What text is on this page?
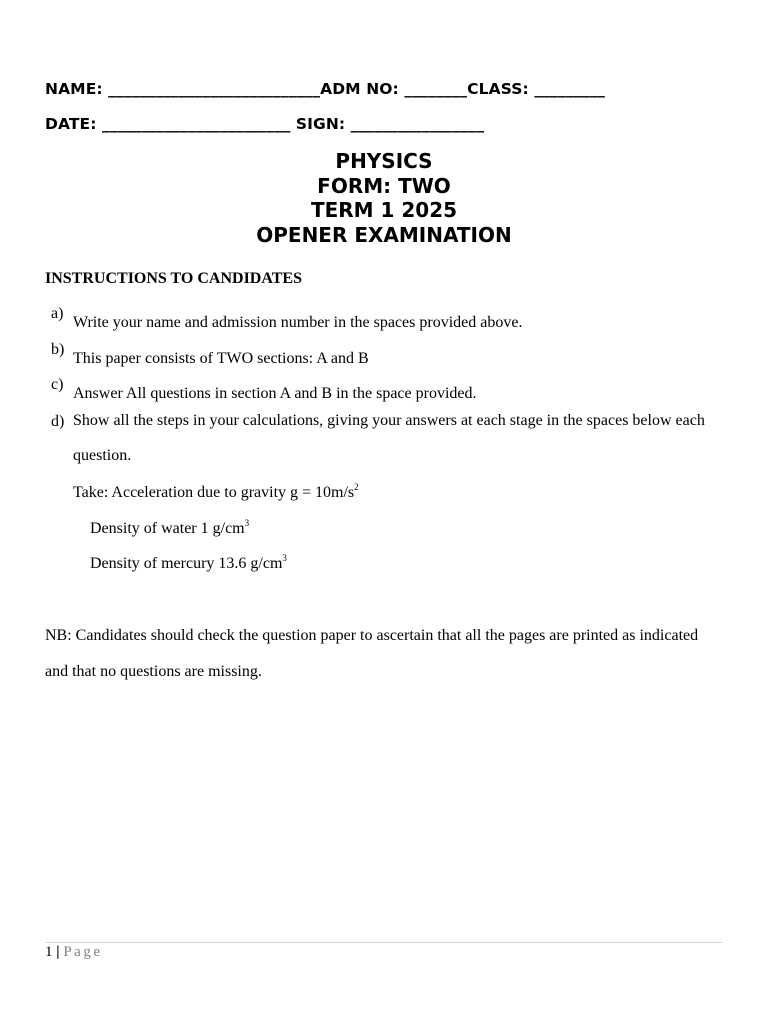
NAME: ___________________________ADM NO: ________CLASS: _________
DATE: ________________________ SIGN: _________________
PHYSICS
FORM: TWO
TERM 1 2025
OPENER EXAMINATION
INSTRUCTIONS TO CANDIDATES
a)
Write your name and admission number in the spaces provided above.
b)
This paper consists of TWO sections: A and B
c)
Answer All questions in section A and B in the space provided.
d) Show all the steps in your calculations, giving your answers at each stage in the spaces below each question.
Take: Acceleration due to gravity $g = 10m/s^2$
Density of water 1 $g/cm^3$
Density of mercury 13.6 $g/cm^3$
NB: Candidates should check the question paper to ascertain that all the pages are printed as indicated and that no questions are missing.
1 | Page
